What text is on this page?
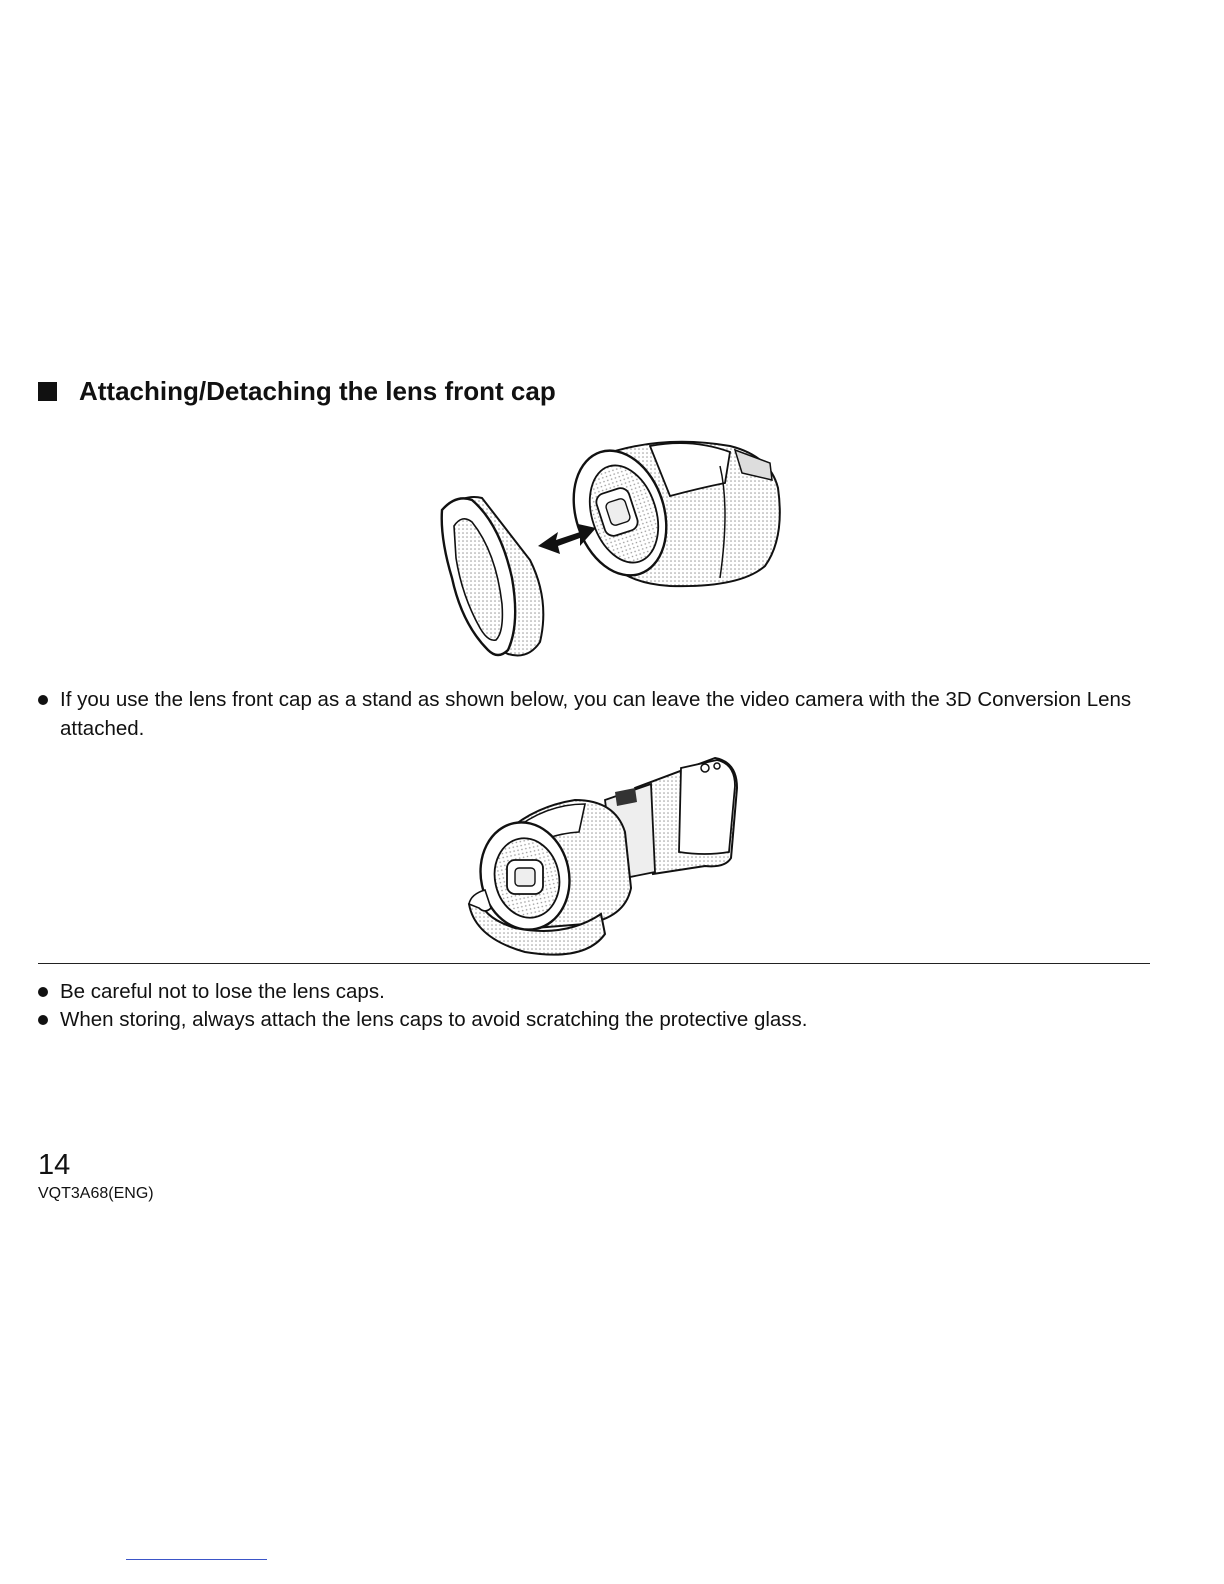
Attaching/Detaching the lens front cap
If you use the lens front cap as a stand as shown below, you can leave the video camera with the 3D Conversion Lens attached.
Be careful not to lose the lens caps.
When storing, always attach the lens caps to avoid scratching the protective glass.
14
VQT3A68(ENG)
